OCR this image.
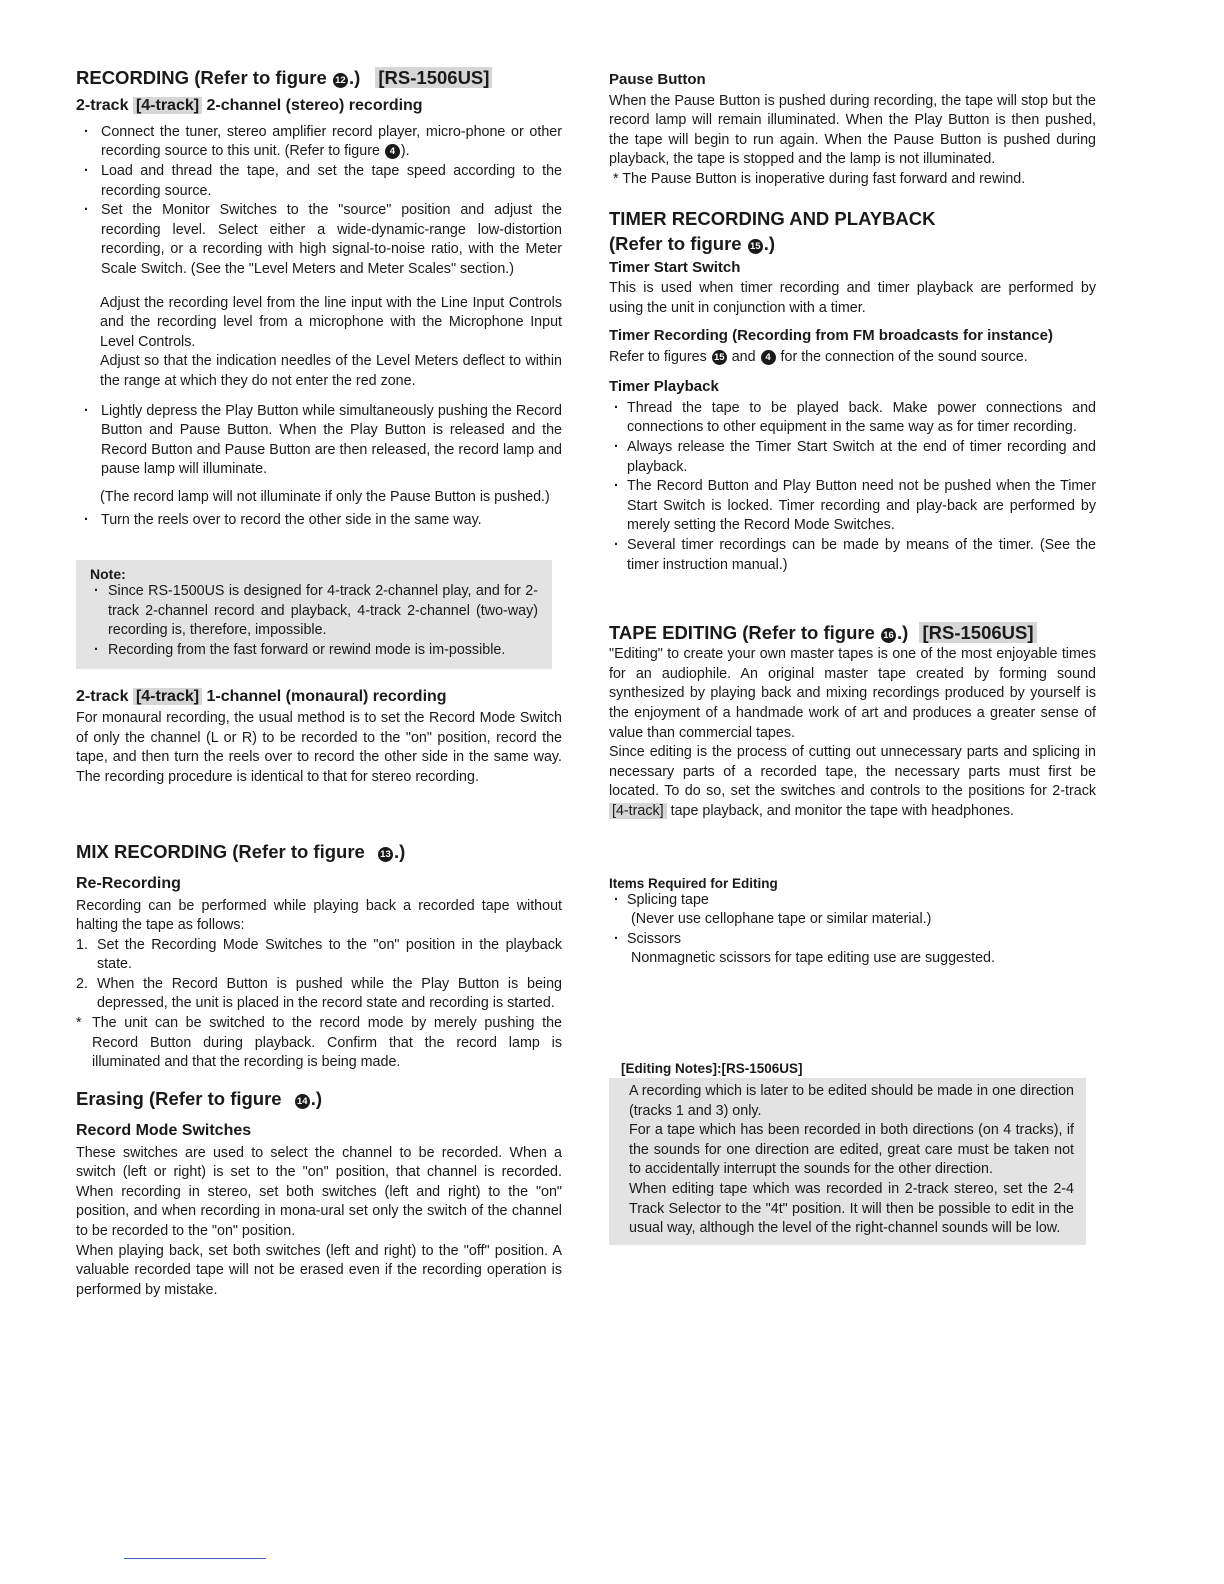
RECORDING (Refer to figure 12 .) [RS-1506US]
2-track [4-track] 2-channel (stereo) recording
· Connect the tuner, stereo amplifier record player, micro-phone or other recording source to this unit. (Refer to figure 4 ).
· Load and thread the tape, and set the tape speed according to the recording source.
· Set the Monitor Switches to the "source" position and adjust the recording level. Select either a wide-dynamic-range low-distortion recording, or a recording with high signal-to-noise ratio, with the Meter Scale Switch. (See the "Level Meters and Meter Scales" section.)

Adjust the recording level from the line input with the Line Input Controls and the recording level from a microphone with the Microphone Input Level Controls.

Adjust so that the indication needles of the Level Meters deflect to within the range at which they do not enter the red zone.

· Lightly depress the Play Button while simultaneously pushing the Record Button and Pause Button. When the Play Button is released and the Record Button and Pause Button are then released, the record lamp and pause lamp will illuminate.

(The record lamp will not illuminate if only the Pause Button is pushed.)

· Turn the reels over to record the other side in the same way.
Note:
· Since RS-1500US is designed for 4-track 2-channel play, and for 2-track 2-channel record and playback, 4-track 2-channel (two-way) recording is, therefore, impossible.
· Recording from the fast forward or rewind mode is im-possible.
2-track [4-track] 1-channel (monaural) recording

For monaural recording, the usual method is to set the Record Mode Switch of only the channel (L or R) to be recorded to the "on" position, record the tape, and then turn the reels over to record the other side in the same way. The recording procedure is identical to that for stereo recording.

MIX RECORDING (Refer to figure 13 .)
Re-Recording

Recording can be performed while playing back a recorded tape without halting the tape as follows:

1. Set the Recording Mode Switches to the "on" position in the playback state.
2. When the Record Button is pushed while the Play Button is being depressed, the unit is placed in the record state and recording is started.
* The unit can be switched to the record mode by merely pushing the Record Button during playback. Confirm that the record lamp is illuminated and that the recording is being made.
Erasing (Refer to figure 14 .)
Record Mode Switches

These switches are used to select the channel to be recorded. When a switch (left or right) is set to the "on" position, that channel is recorded. When recording in stereo, set both switches (left and right) to the "on" position, and when recording in mona-ural set only the switch of the channel to be recorded to the "on" position.

When playing back, set both switches (left and right) to the "off" position. A valuable recorded tape will not be erased even if the recording operation is performed by mistake.

Pause Button

When the Pause Button is pushed during recording, the tape will stop but the record lamp will remain illuminated. When the Play Button is then pushed, the tape will begin to run again. When the Pause Button is pushed during playback, the tape is stopped and the lamp is not illuminated.

* The Pause Button is inoperative during fast forward and rewind.

TIMER RECORDING AND PLAYBACK
(Refer to figure 15 .)
Timer Start Switch

This is used when timer recording and timer playback are performed by using the unit in conjunction with a timer.

Timer Recording (Recording from FM broadcasts for instance)

Refer to figures 15 and 4 for the connection of the sound source.

Timer Playback
· Thread the tape to be played back. Make power connections and connections to other equipment in the same way as for timer recording.
· Always release the Timer Start Switch at the end of timer recording and playback.
· The Record Button and Play Button need not be pushed when the Timer Start Switch is locked. Timer recording and play-back are performed by merely setting the Record Mode Switches.
· Several timer recordings can be made by means of the timer. (See the timer instruction manual.)
TAPE EDITING (Refer to figure 16 .) [RS-1506US]

"Editing" to create your own master tapes is one of the most enjoyable times for an audiophile. An original master tape created by forming sound synthesized by playing back and mixing recordings produced by yourself is the enjoyment of a handmade work of art and produces a greater sense of value than commercial tapes.

Since editing is the process of cutting out unnecessary parts and splicing in necessary parts of a recorded tape, the necessary parts must first be located. To do so, set the switches and controls to the positions for 2-track [4-track] tape playback, and monitor the tape with headphones.

Items Required for Editing
· Splicing tape

(Never use cellophane tape or similar material.)

· Scissors

Nonmagnetic scissors for tape editing use are suggested.

[Editing Notes]:[RS-1506US]

A recording which is later to be edited should be made in one direction (tracks 1 and 3) only.

For a tape which has been recorded in both directions (on 4 tracks), if the sounds for one direction are edited, great care must be taken not to accidentally interrupt the sounds for the other direction.

When editing tape which was recorded in 2-track stereo, set the 2-4 Track Selector to the "4t" position. It will then be possible to edit in the usual way, although the level of the right-channel sounds will be low.
